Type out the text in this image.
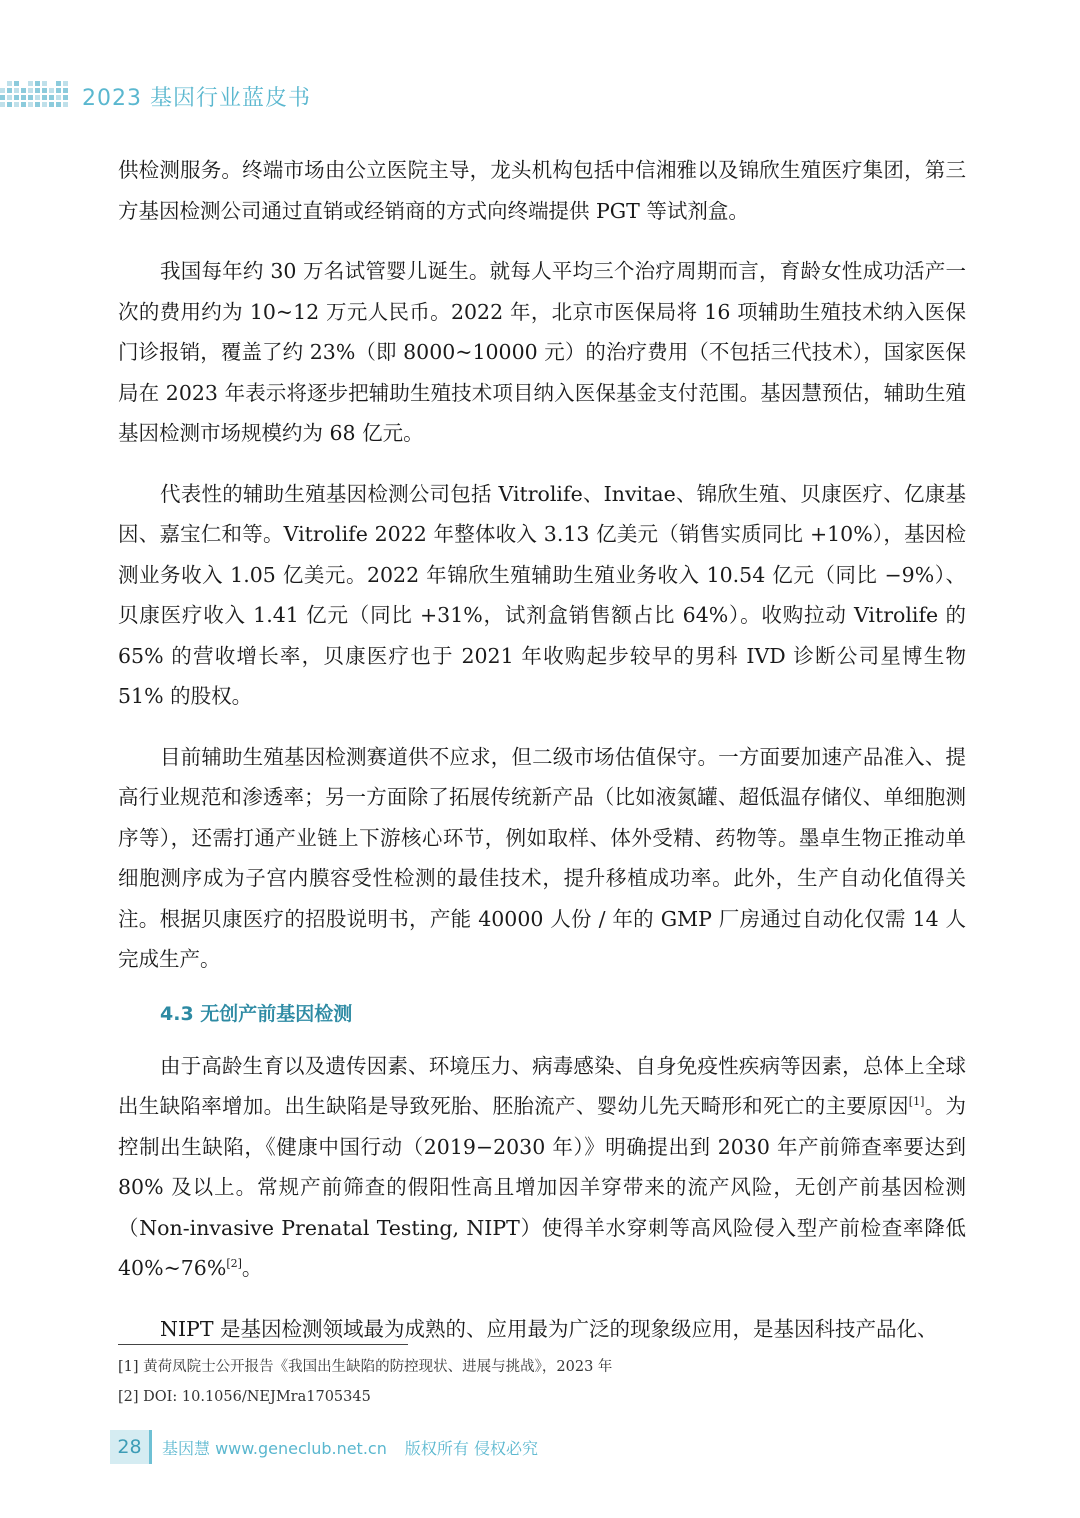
2023 基因行业蓝皮书

供检测服务。终端市场由公立医院主导，龙头机构包括中信湘雅以及锦欣生殖医疗集团，第三方基因检测公司通过直销或经销商的方式向终端提供 PGT 等试剂盒。

我国每年约 30 万名试管婴儿诞生。就每人平均三个治疗周期而言，育龄女性成功活产一次的费用约为 10~12 万元人民币。2022 年，北京市医保局将 16 项辅助生殖技术纳入医保门诊报销，覆盖了约 23%（即 8000~10000 元）的治疗费用（不包括三代技术），国家医保局在 2023 年表示将逐步把辅助生殖技术项目纳入医保基金支付范围。基因慧预估，辅助生殖基因检测市场规模约为 68 亿元。

代表性的辅助生殖基因检测公司包括 Vitrolife、Invitae、锦欣生殖、贝康医疗、亿康基因、嘉宝仁和等。Vitrolife 2022 年整体收入 3.13 亿美元（销售实质同比 +10%），基因检测业务收入 1.05 亿美元。2022 年锦欣生殖辅助生殖业务收入 10.54 亿元（同比 −9%）、贝康医疗收入 1.41 亿元（同比 +31%，试剂盒销售额占比 64%）。收购拉动 Vitrolife 的 65% 的营收增长率，贝康医疗也于 2021 年收购起步较早的男科 IVD 诊断公司星博生物 51% 的股权。

目前辅助生殖基因检测赛道供不应求，但二级市场估值保守。一方面要加速产品准入、提高行业规范和渗透率；另一方面除了拓展传统新产品（比如液氮罐、超低温存储仪、单细胞测序等），还需打通产业链上下游核心环节，例如取样、体外受精、药物等。墨卓生物正推动单细胞测序成为子宫内膜容受性检测的最佳技术，提升移植成功率。此外，生产自动化值得关注。根据贝康医疗的招股说明书，产能 40000 人份 / 年的 GMP 厂房通过自动化仅需 14 人完成生产。

4.3 无创产前基因检测

由于高龄生育以及遗传因素、环境压力、病毒感染、自身免疫性疾病等因素，总体上全球出生缺陷率增加。出生缺陷是导致死胎、胚胎流产、婴幼儿先天畸形和死亡的主要原因[1]。为控制出生缺陷，《健康中国行动（2019−2030 年）》明确提出到 2030 年产前筛查率要达到 80% 及以上。常规产前筛查的假阳性高且增加因羊穿带来的流产风险，无创产前基因检测（Non-invasive Prenatal Testing, NIPT）使得羊水穿刺等高风险侵入型产前检查率降低 40%~76%[2]。

NIPT 是基因检测领域最为成熟的、应用最为广泛的现象级应用，是基因科技产品化、

[1] 黄荷凤院士公开报告《我国出生缺陷的防控现状、进展与挑战》，2023 年
[2] DOI: 10.1056/NEJMra1705345
28	基因慧 www.geneclub.net.cn 版权所有 侵权必究
